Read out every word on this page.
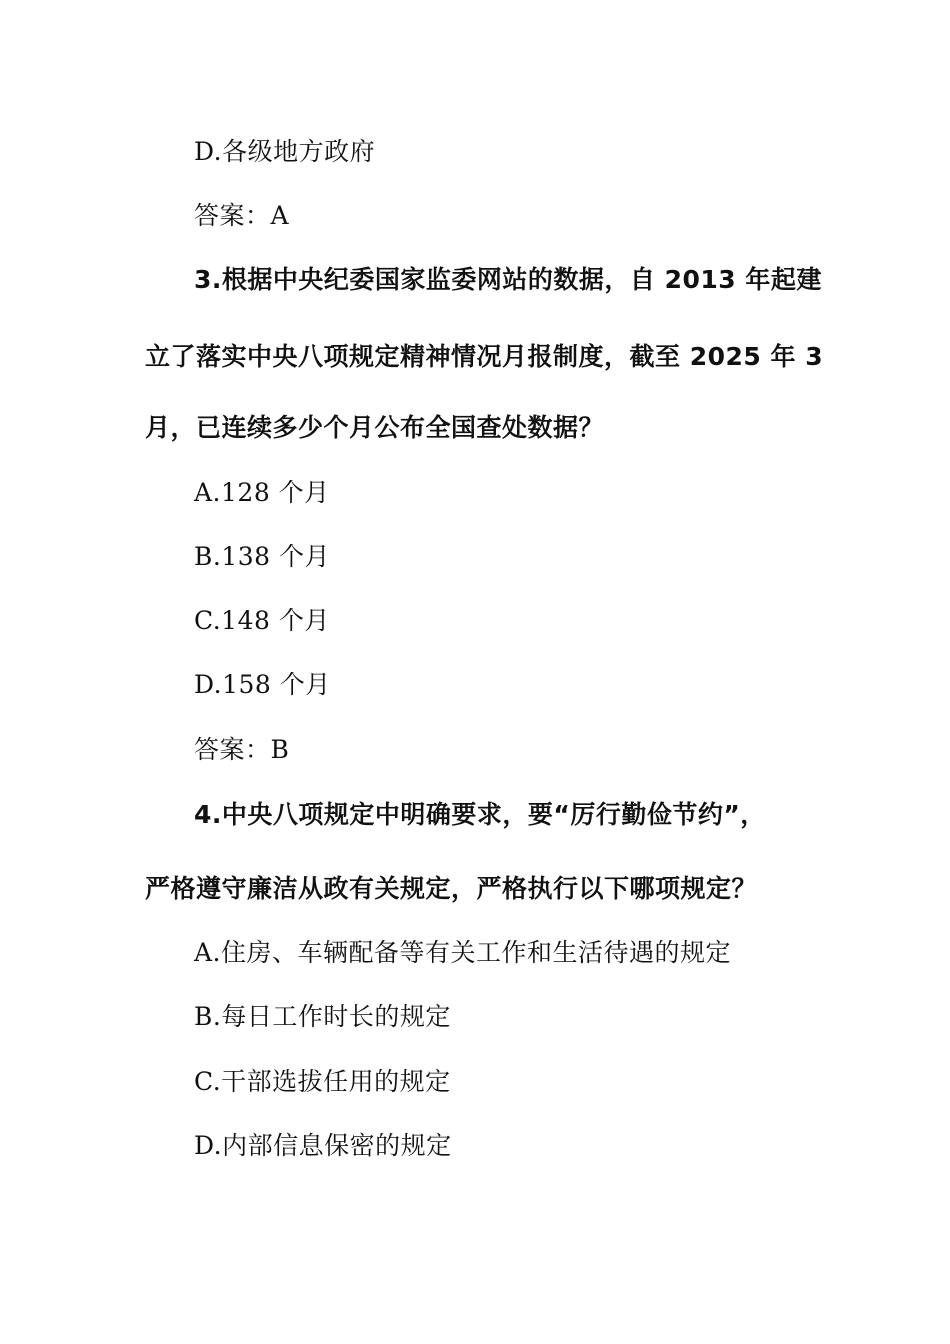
D.各级地方政府
答案：A
3.根据中央纪委国家监委网站的数据，自 2013 年起建
立了落实中央八项规定精神情况月报制度，截至 2025 年 3
月，已连续多少个月公布全国查处数据？
A.128 个月
B.138 个月
C.148 个月
D.158 个月
答案：B
4.中央八项规定中明确要求，要“厉行勤俭节约”，
严格遵守廉洁从政有关规定，严格执行以下哪项规定？
A.住房、车辆配备等有关工作和生活待遇的规定
B.每日工作时长的规定
C.干部选拔任用的规定
D.内部信息保密的规定
